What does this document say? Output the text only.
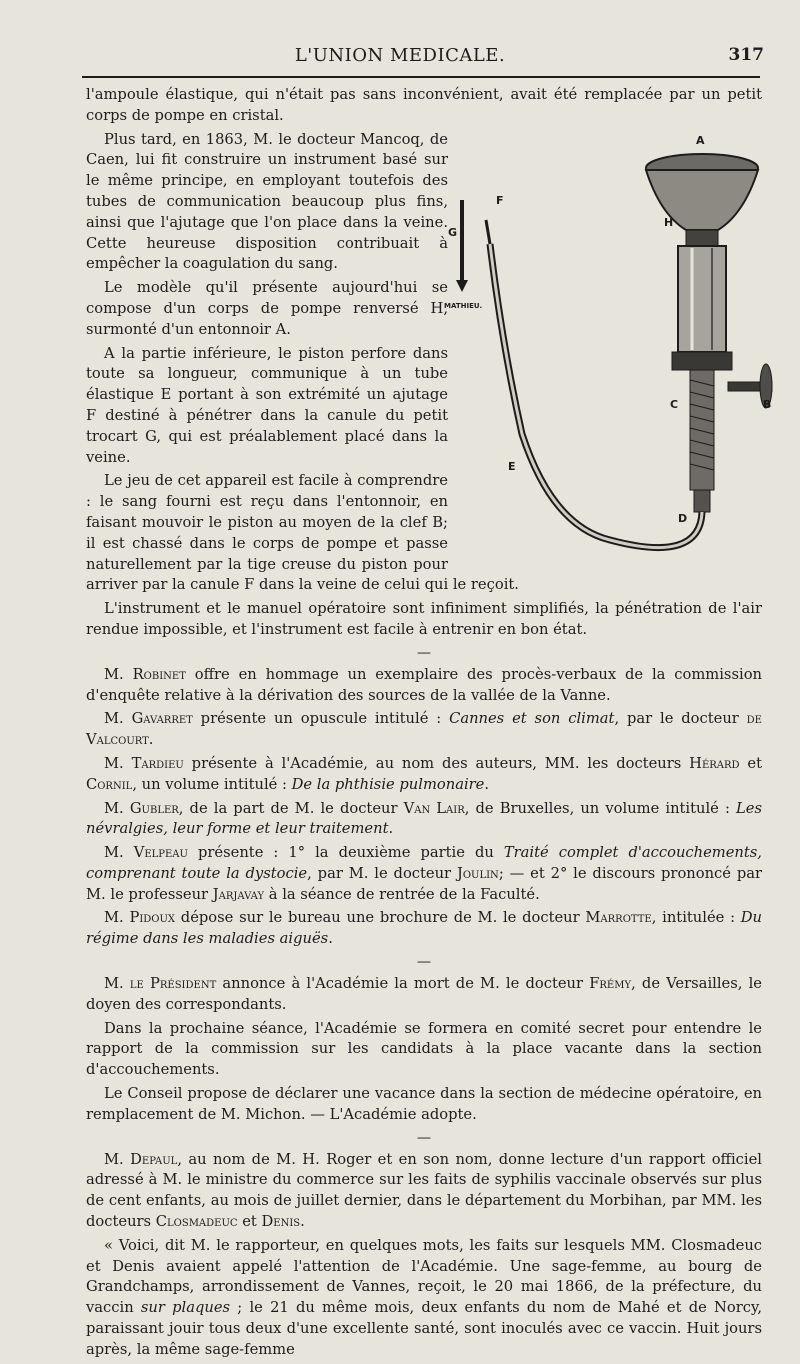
L'UNION MEDICALE.	317

l'ampoule élastique, qui n'était pas sans inconvénient, avait été remplacée par un petit corps de pompe en cristal.

A
F
G
H
C	B
E
D
MATHIEU.

Plus tard, en 1863, M. le docteur Mancoq, de Caen, lui fit construire un instrument basé sur le même principe, en employant toutefois des tubes de communication beaucoup plus fins, ainsi que l'ajutage que l'on place dans la veine. Cette heureuse disposition contribuait à empêcher la coagulation du sang.

Le modèle qu'il présente aujourd'hui se compose d'un corps de pompe renversé H, surmonté d'un entonnoir A.

A la partie inférieure, le piston perfore dans toute sa longueur, communique à un tube élastique E portant à son extrémité un ajutage F destiné à pénétrer dans la canule du petit trocart G, qui est préalablement placé dans la veine.

Le jeu de cet appareil est facile à comprendre : le sang fourni est reçu dans l'entonnoir, en faisant mouvoir le piston au moyen de la clef B; il est chassé dans le corps de pompe et passe naturellement par la tige creuse du piston pour arriver par la canule F dans la veine de celui qui le reçoit.

L'instrument et le manuel opératoire sont infiniment simplifiés, la pénétration de l'air rendue impossible, et l'instrument est facile à entrenir en bon état.

—

M. Robinet offre en hommage un exemplaire des procès-verbaux de la commission d'enquête relative à la dérivation des sources de la vallée de la Vanne.

M. Gavarret présente un opuscule intitulé : Cannes et son climat, par le docteur de Valcourt.

M. Tardieu présente à l'Académie, au nom des auteurs, MM. les docteurs Hérard et Cornil, un volume intitulé : De la phthisie pulmonaire.

M. Gubler, de la part de M. le docteur Van Lair, de Bruxelles, un volume intitulé : Les névralgies, leur forme et leur traitement.

M. Velpeau présente : 1° la deuxième partie du Traité complet d'accouchements, comprenant toute la dystocie, par M. le docteur Joulin; — et 2° le discours prononcé par M. le professeur Jarjavay à la séance de rentrée de la Faculté.

M. Pidoux dépose sur le bureau une brochure de M. le docteur Marrotte, intitulée : Du régime dans les maladies aiguës.

—

M. le Président annonce à l'Académie la mort de M. le docteur Frémy, de Versailles, le doyen des correspondants.

Dans la prochaine séance, l'Académie se formera en comité secret pour entendre le rapport de la commission sur les candidats à la place vacante dans la section d'accouchements.

Le Conseil propose de déclarer une vacance dans la section de médecine opératoire, en remplacement de M. Michon. — L'Académie adopte.

—

M. Depaul, au nom de M. H. Roger et en son nom, donne lecture d'un rapport officiel adressé à M. le ministre du commerce sur les faits de syphilis vaccinale observés sur plus de cent enfants, au mois de juillet dernier, dans le département du Morbihan, par MM. les docteurs Closmadeuc et Denis.

« Voici, dit M. le rapporteur, en quelques mots, les faits sur lesquels MM. Closmadeuc et Denis avaient appelé l'attention de l'Académie. Une sage-femme, au bourg de Grandchamps, arrondissement de Vannes, reçoit, le 20 mai 1866, de la préfecture, du vaccin sur plaques ; le 21 du même mois, deux enfants du nom de Mahé et de Norcy, paraissant jouir tous deux d'une excellente santé, sont inoculés avec ce vaccin. Huit jours après, la même sage-femme
